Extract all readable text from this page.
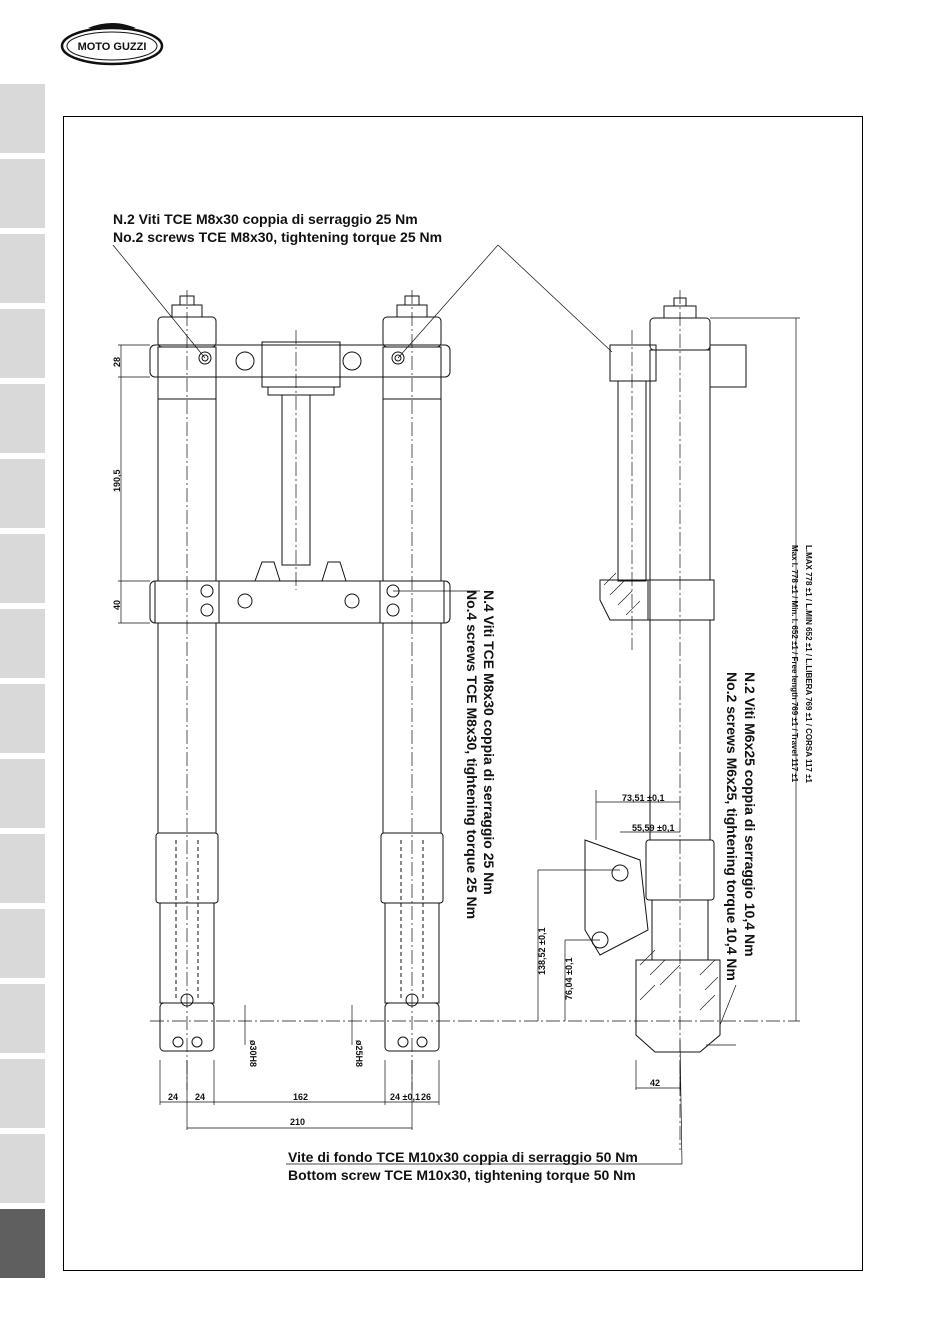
MOTO GUZZI
N.2 Viti TCE M8x30 coppia di serraggio 25 Nm
No.2 screws TCE M8x30, tightening torque 25 Nm
N.4 Viti TCE M8x30 coppia di serraggio 25 Nm
No.4 screws TCE M8x30, tightening torque 25 Nm	N.2 Viti M6x25 coppia di serraggio 10,4 Nm
No.2 screws M6x25, tightening torque 10,4 Nm
L.MAX 778 ±1 / L.MIN 652 ±1 / L.LIBERA 769 ±1 / CORSA 117 ±1
Max l. 778 ±1 / Min. l. 652 ±1 / Free length 769 ±1 / Travel 117 ±1
Vite di fondo TCE M10x30 coppia di serraggio 50 Nm
Bottom screw TCE M10x30, tightening torque 50 Nm
28
190,5
40
ø30H8	ø25H8
24 24	162	24 ±0,1 26
210
73,51 ±0,1
55,59 ±0,1
138,52 ±0,1
76,04 ±0,1
42
